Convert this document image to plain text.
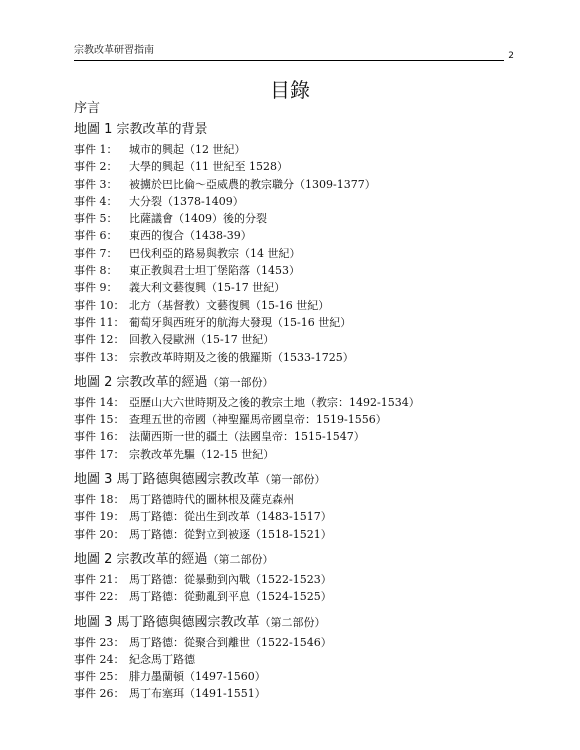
宗教改革研習指南	2
目錄
序言
地圖 1 宗教改革的背景
事件 1：	城市的興起（12 世紀）
事件 2：	大學的興起（11 世紀至 1528）
事件 3：	被擄於巴比倫～亞威農的教宗職分（1309-1377）
事件 4：	大分裂（1378-1409）
事件 5：	比薩議會（1409）後的分裂
事件 6：	東西的復合（1438-39）
事件 7：	巴伐利亞的路易與教宗（14 世紀）
事件 8：	東正教與君士坦丁堡陷落（1453）
事件 9：	義大利文藝復興（15-17 世紀）
事件 10： 北方（基督教）文藝復興（15-16 世紀）
事件 11： 葡萄牙與西班牙的航海大發現（15-16 世紀）
事件 12： 回教入侵歐洲（15-17 世紀）
事件 13： 宗教改革時期及之後的俄羅斯（1533-1725）
地圖 2 宗教改革的經過（第一部份）
事件 14： 亞歷山大六世時期及之後的教宗土地（教宗：1492-1534）
事件 15： 查理五世的帝國（神聖羅馬帝國皇帝：1519-1556）
事件 16： 法蘭西斯一世的疆土（法國皇帝：1515-1547）
事件 17： 宗教改革先驅（12-15 世紀）
地圖 3 馬丁路德與德國宗教改革（第一部份）
事件 18： 馬丁路德時代的圖林根及薩克森州
事件 19： 馬丁路德：從出生到改革（1483-1517）
事件 20： 馬丁路德：從對立到被逐（1518-1521）
地圖 2 宗教改革的經過（第二部份）
事件 21： 馬丁路德：從暴動到內戰（1522-1523）
事件 22： 馬丁路德：從動亂到平息（1524-1525）
地圖 3 馬丁路德與德國宗教改革（第二部份）
事件 23： 馬丁路德：從聚合到離世（1522-1546）
事件 24： 紀念馬丁路德
事件 25： 腓力墨蘭頓（1497-1560）
事件 26： 馬丁布塞珥（1491-1551）
